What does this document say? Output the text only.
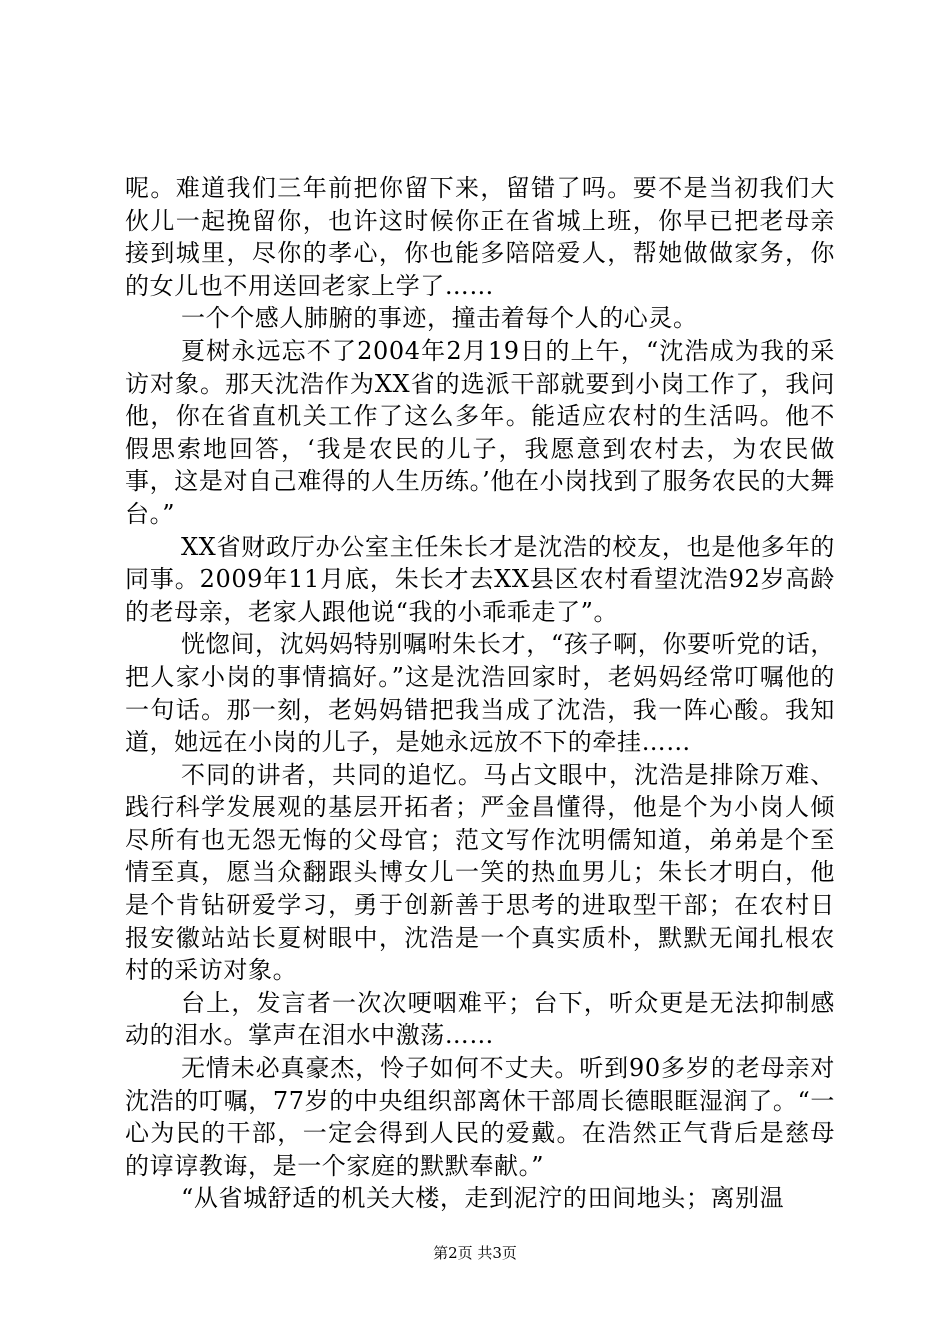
呢。难道我们三年前把你留下来，留错了吗。要不是当初我们大伙儿一起挽留你，也许这时候你正在省城上班，你早已把老母亲接到城里，尽你的孝心，你也能多陪陪爱人，帮她做做家务，你的女儿也不用送回老家上学了……

一个个感人肺腑的事迹，撞击着每个人的心灵。

夏树永远忘不了2004年2月19日的上午，“沈浩成为我的采访对象。那天沈浩作为XX省的选派干部就要到小岗工作了，我问他，你在省直机关工作了这么多年。能适应农村的生活吗。他不假思索地回答，‘我是农民的儿子，我愿意到农村去，为农民做事，这是对自己难得的人生历练。’他在小岗找到了服务农民的大舞台。”

XX省财政厅办公室主任朱长才是沈浩的校友，也是他多年的同事。2009年11月底，朱长才去XX县区农村看望沈浩92岁高龄的老母亲，老家人跟他说“我的小乖乖走了”。

恍惚间，沈妈妈特别嘱咐朱长才，“孩子啊，你要听党的话，把人家小岗的事情搞好。”这是沈浩回家时，老妈妈经常叮嘱他的一句话。那一刻，老妈妈错把我当成了沈浩，我一阵心酸。我知道，她远在小岗的儿子，是她永远放不下的牵挂……

不同的讲者，共同的追忆。马占文眼中，沈浩是排除万难、践行科学发展观的基层开拓者；严金昌懂得，他是个为小岗人倾尽所有也无怨无悔的父母官；范文写作沈明儒知道，弟弟是个至情至真，愿当众翻跟头博女儿一笑的热血男儿；朱长才明白，他是个肯钻研爱学习，勇于创新善于思考的进取型干部；在农村日报安徽站站长夏树眼中，沈浩是一个真实质朴，默默无闻扎根农村的采访对象。

台上，发言者一次次哽咽难平；台下，听众更是无法抑制感动的泪水。掌声在泪水中激荡……

无情未必真豪杰，怜子如何不丈夫。听到90多岁的老母亲对沈浩的叮嘱，77岁的中央组织部离休干部周长德眼眶湿润了。“一心为民的干部，一定会得到人民的爱戴。在浩然正气背后是慈母的谆谆教诲，是一个家庭的默默奉献。”

“从省城舒适的机关大楼，走到泥泞的田间地头；离别温

第2页 共3页
